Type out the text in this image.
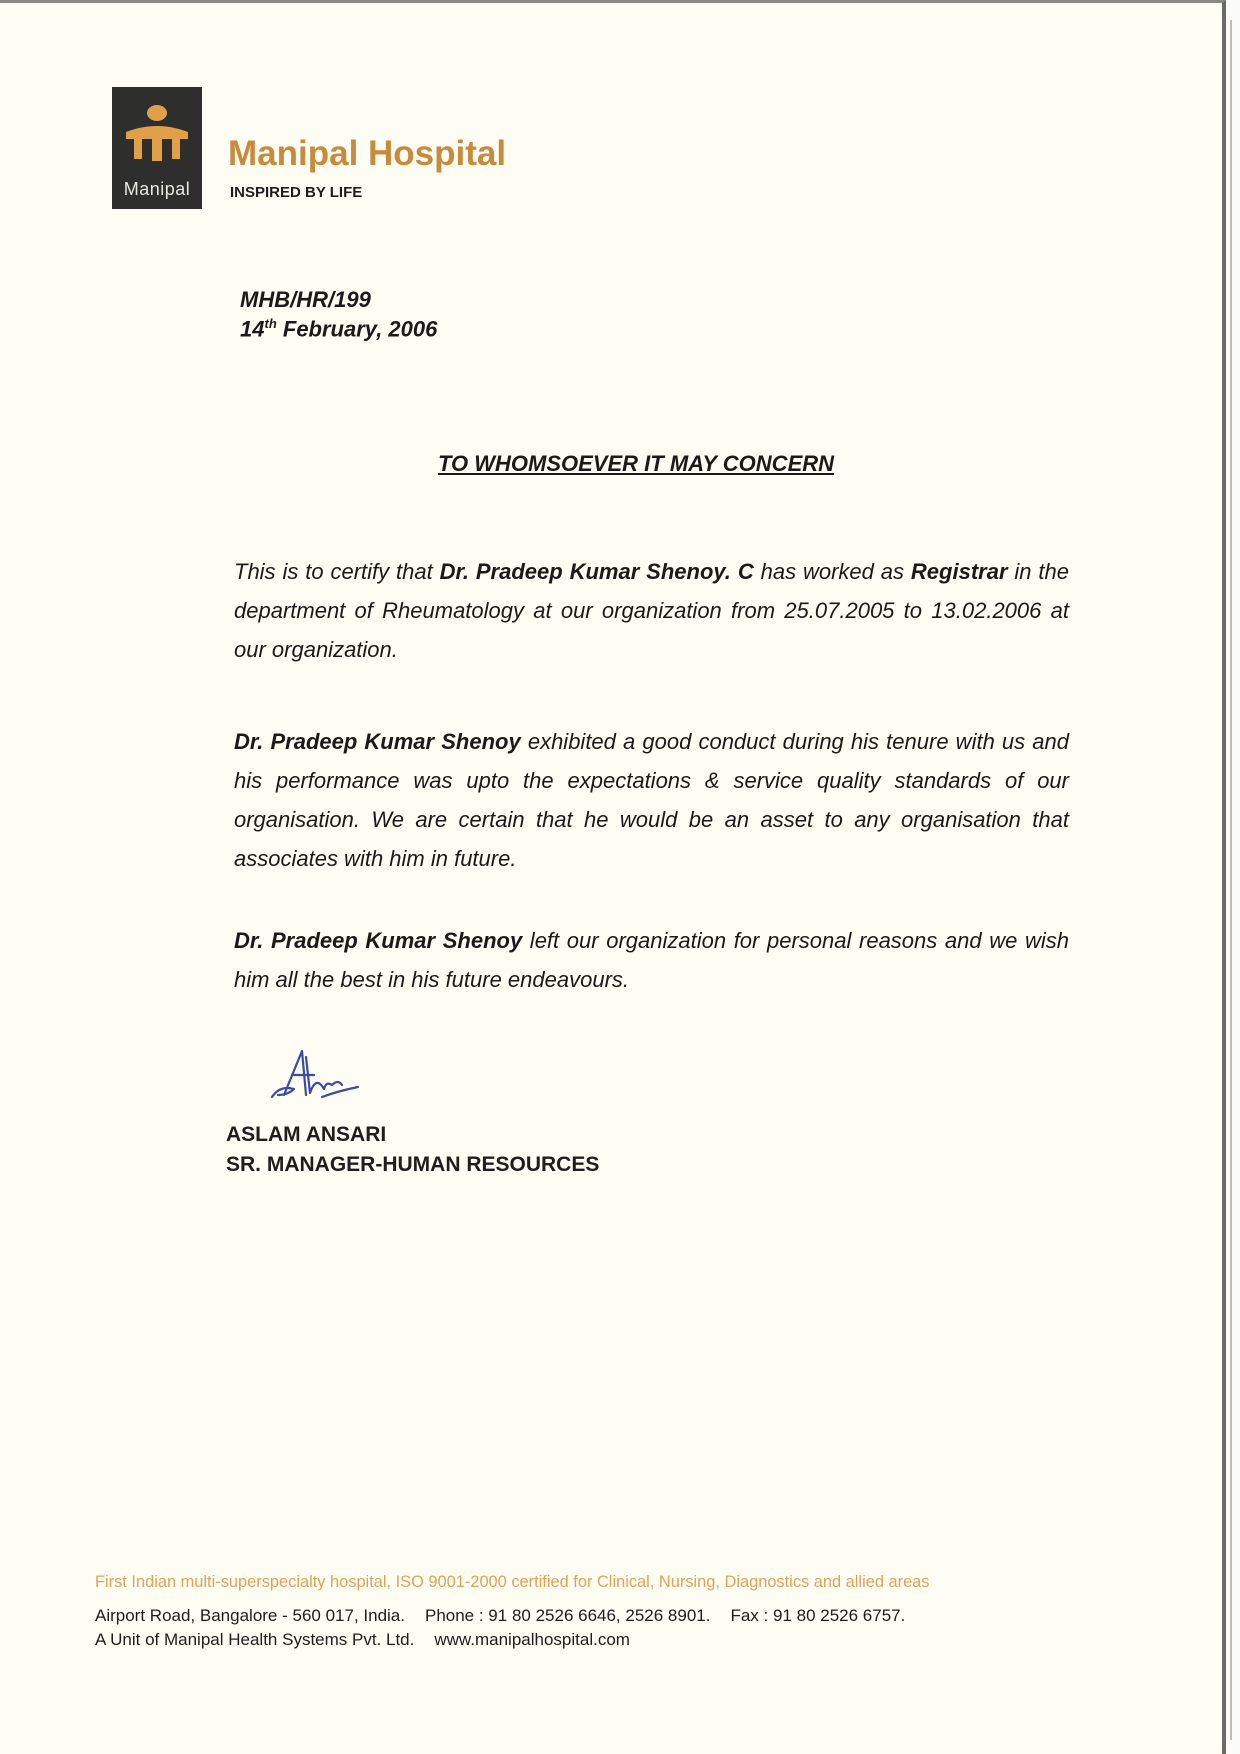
Manipal
Manipal Hospital
INSPIRED BY LIFE
MHB/HR/199
14th February, 2006
TO WHOMSOEVER IT MAY CONCERN
This is to certify that Dr. Pradeep Kumar Shenoy. C has worked as Registrar in the department of Rheumatology at our organization from 25.07.2005 to 13.02.2006 at our organization.
Dr. Pradeep Kumar Shenoy exhibited a good conduct during his tenure with us and his performance was upto the expectations & service quality standards of our organisation. We are certain that he would be an asset to any organisation that associates with him in future.
Dr. Pradeep Kumar Shenoy left our organization for personal reasons and we wish him all the best in his future endeavours.
ASLAM ANSARI
SR. MANAGER-HUMAN RESOURCES
First Indian multi-superspecialty hospital, ISO 9001-2000 certified for Clinical, Nursing, Diagnostics and allied areas
Airport Road, Bangalore - 560 017, India. Phone : 91 80 2526 6646, 2526 8901. Fax : 91 80 2526 6757.
A Unit of Manipal Health Systems Pvt. Ltd. www.manipalhospital.com
